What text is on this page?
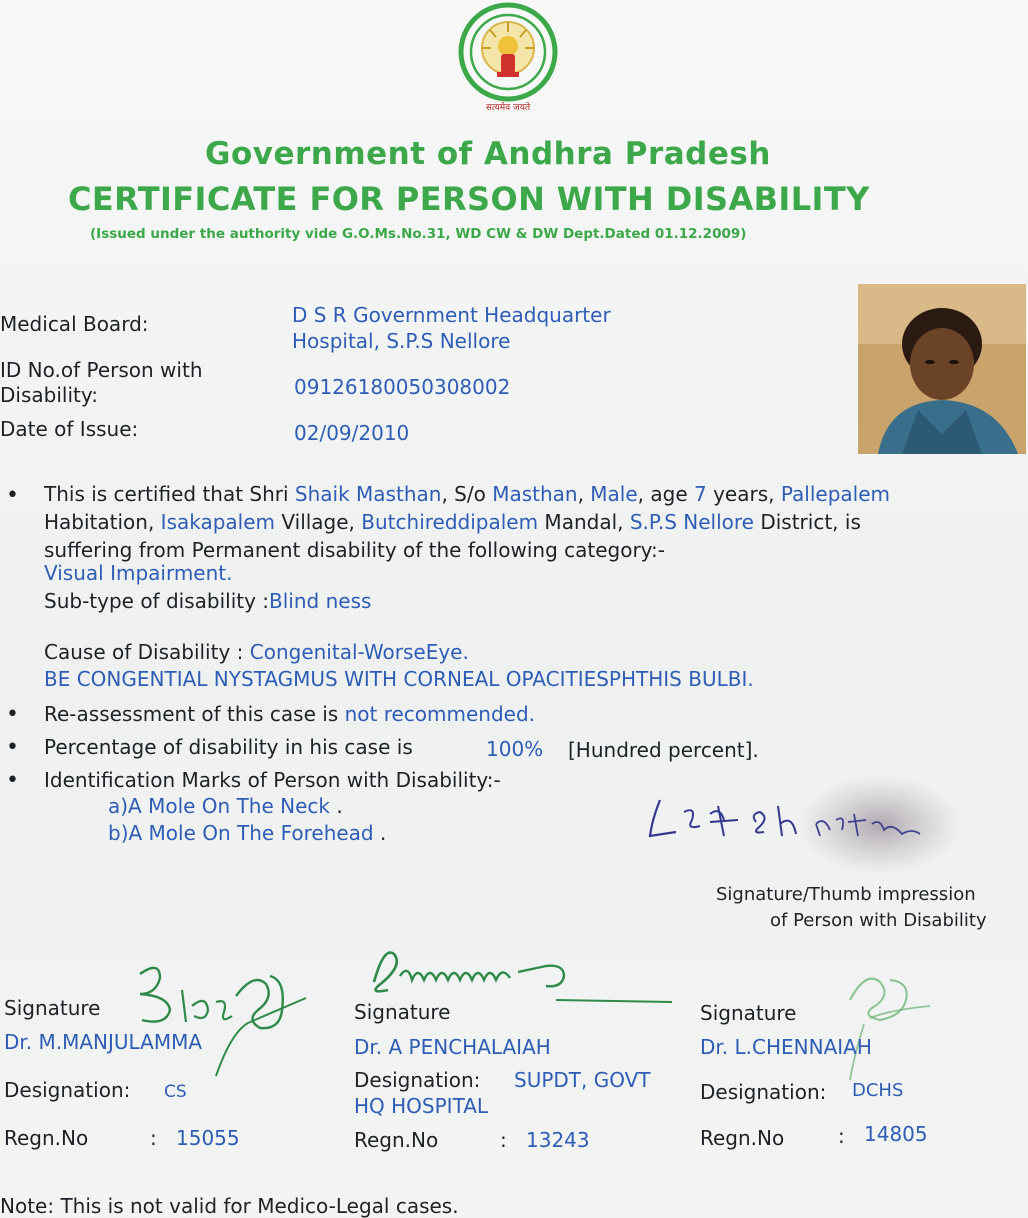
सत्यमेव जयते
Government of Andhra Pradesh
CERTIFICATE FOR PERSON WITH DISABILITY
(Issued under the authority vide G.O.Ms.No.31, WD CW & DW Dept.Dated 01.12.2009)
Medical Board:	D S R Government Headquarter
Hospital, S.P.S Nellore
ID No.of Person with
Disability:	09126180050308002
Date of Issue:	02/09/2010
• This is certified that Shri Shaik Masthan, S/o Masthan, Male, age 7 years, Pallepalem
Habitation, Isakapalem Village, Butchireddipalem Mandal, S.P.S Nellore District, is
suffering from Permanent disability of the following category:-
Visual Impairment.
Sub-type of disability :Blind ness
Cause of Disability : Congenital-WorseEye.
BE CONGENTIAL NYSTAGMUS WITH CORNEAL OPACITIESPHTHIS BULBI.
• Re-assessment of this case is not recommended.
• Percentage of disability in his case is	100% [Hundred percent].
• Identification Marks of Person with Disability:-
a)A Mole On The Neck .
b)A Mole On The Forehead .
Signature/Thumb impression
of Person with Disability
Signature
Dr. M.MANJULAMMA
Designation: CS
Regn.No	: 15055
Signature
Dr. A PENCHALAIAH
Designation: SUPDT, GOVT
HQ HOSPITAL
Regn.No	: 13243
Signature
Dr. L.CHENNAIAH
Designation: DCHS
Regn.No	: 14805
Note: This is not valid for Medico-Legal cases.
